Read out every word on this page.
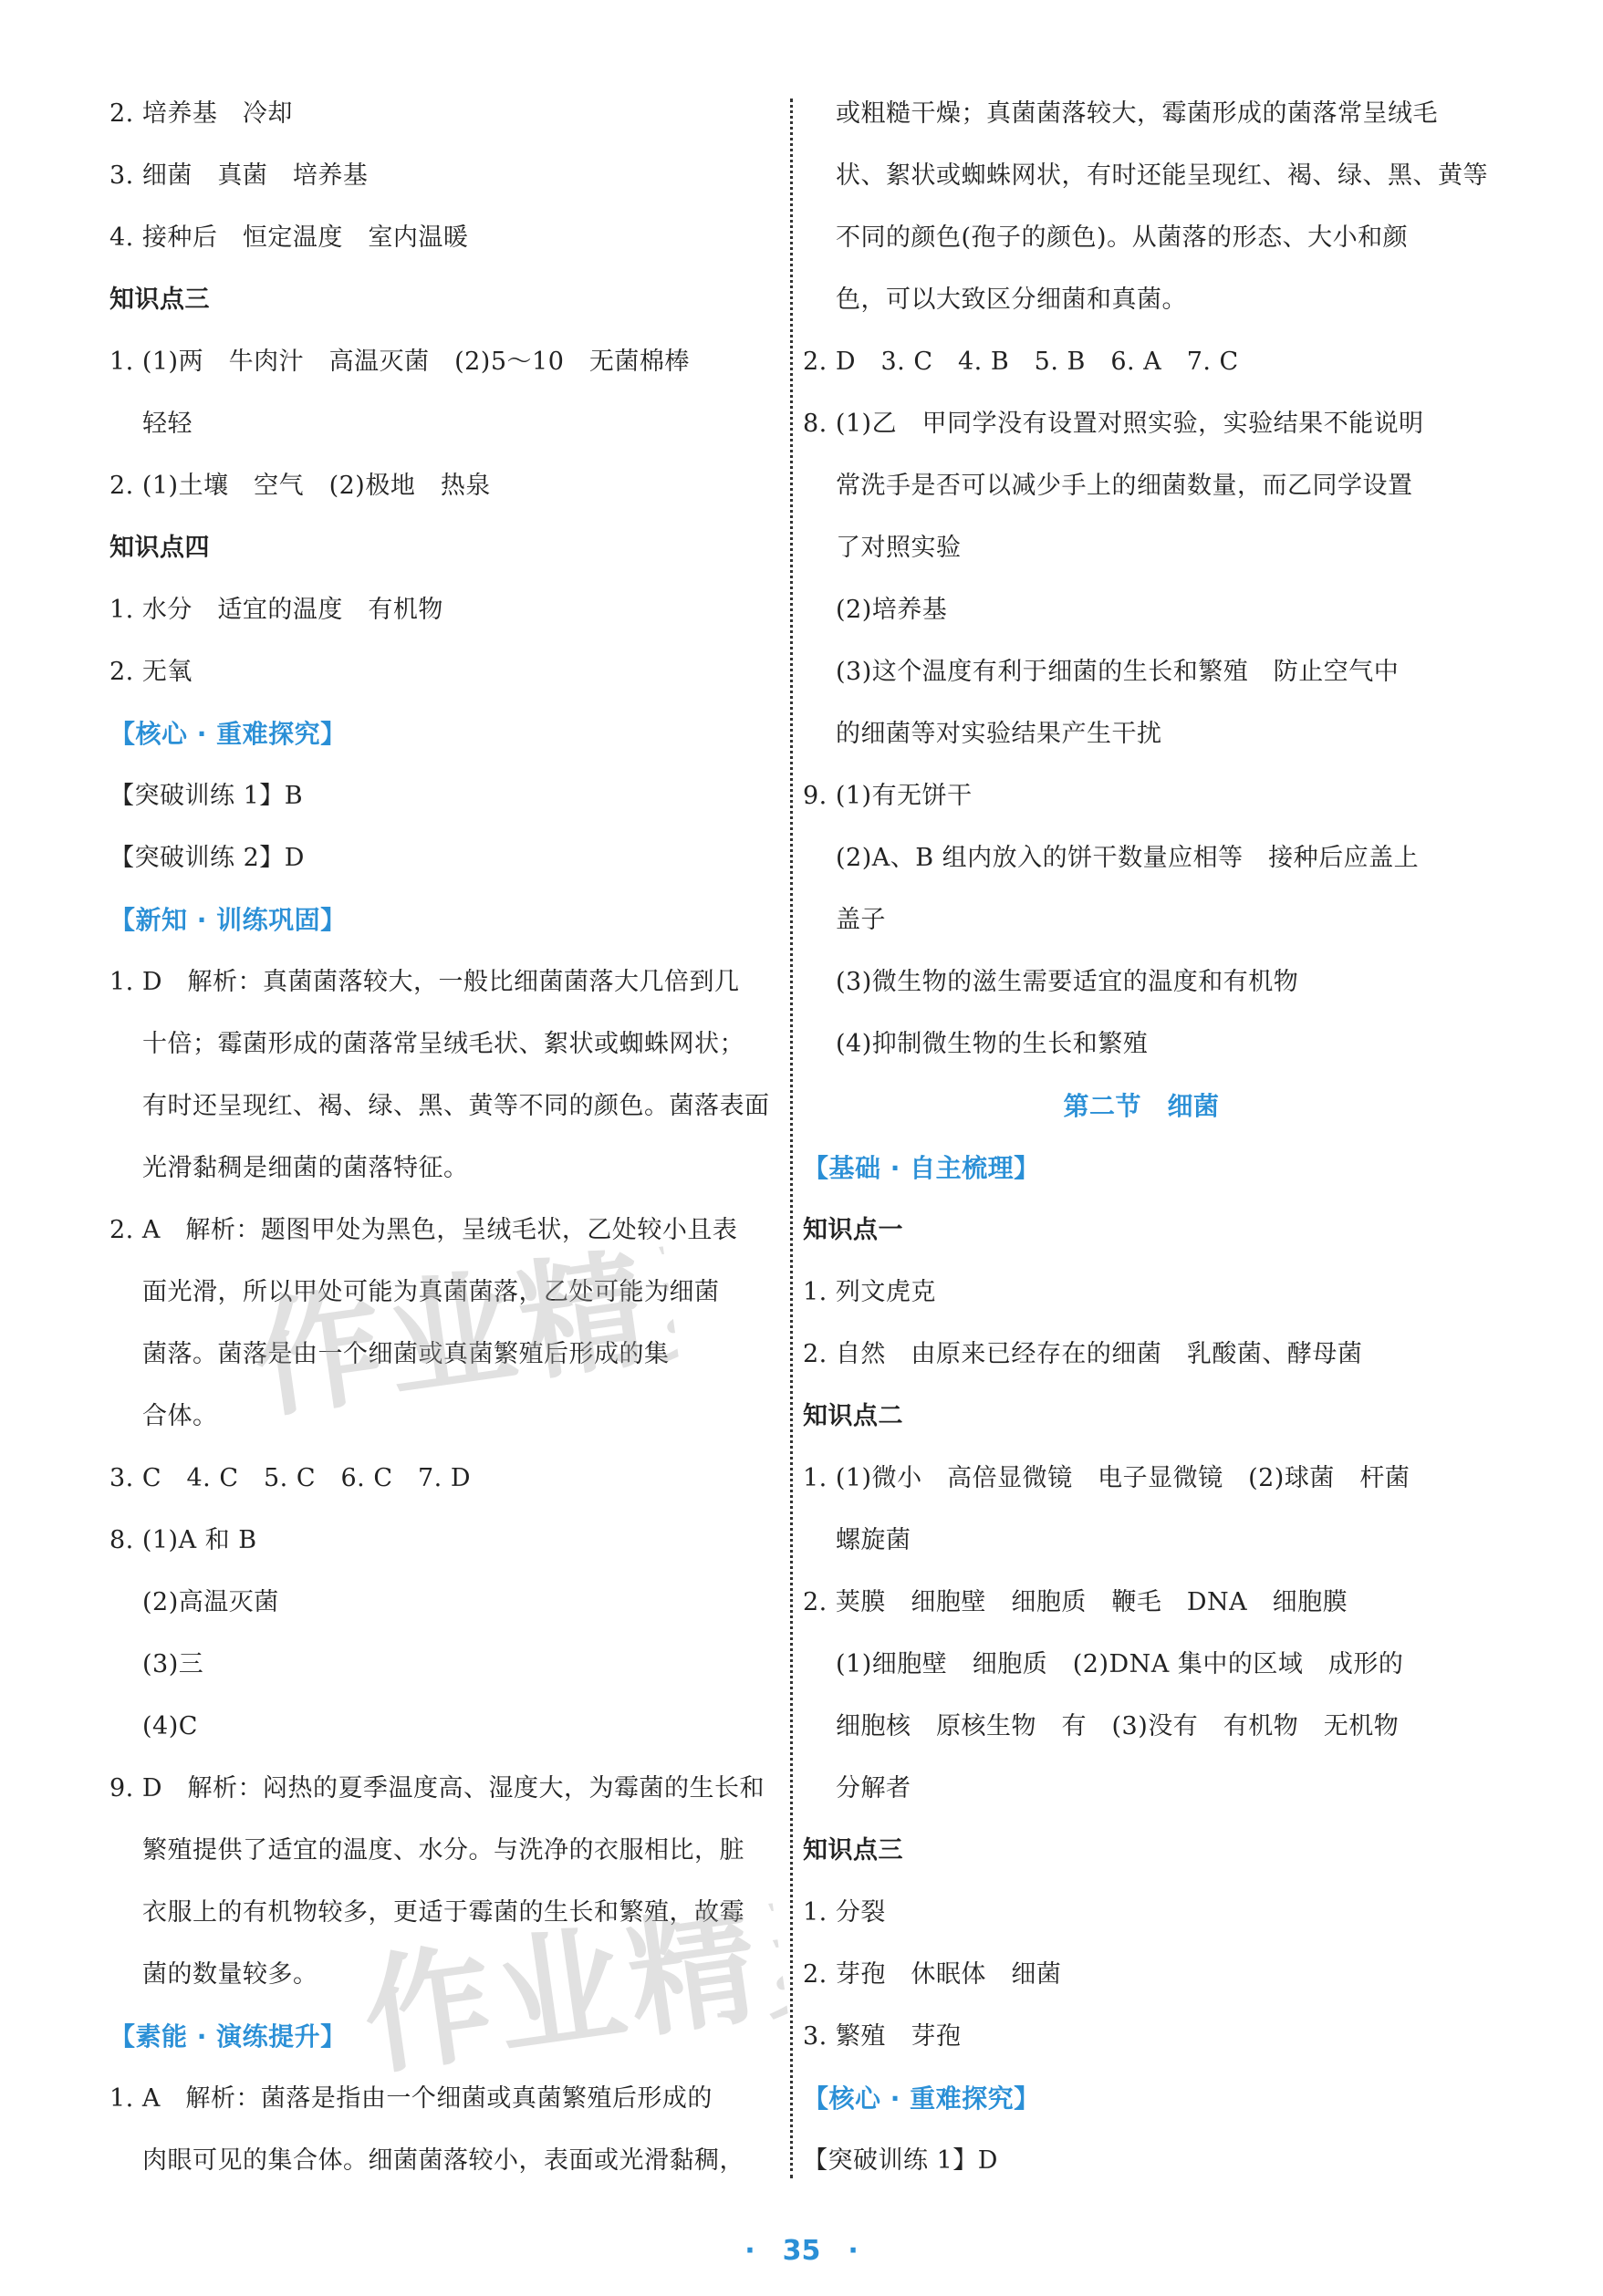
2. 培养基　冷却
3. 细菌　真菌　培养基
4. 接种后　恒定温度　室内温暖
知识点三
1. (1)两　牛肉汁　高温灭菌　(2)5～10　无菌棉棒
轻轻
2. (1)土壤　空气　(2)极地　热泉
知识点四
1. 水分　适宜的温度　有机物
2. 无氧
【核心 · 重难探究】
【突破训练 1】B
【突破训练 2】D
【新知 · 训练巩固】
1. D　解析：真菌菌落较大，一般比细菌菌落大几倍到几
十倍；霉菌形成的菌落常呈绒毛状、絮状或蜘蛛网状；
有时还呈现红、褐、绿、黑、黄等不同的颜色。菌落表面
光滑黏稠是细菌的菌落特征。
2. A　解析：题图甲处为黑色，呈绒毛状，乙处较小且表
面光滑，所以甲处可能为真菌菌落，乙处可能为细菌
菌落。菌落是由一个细菌或真菌繁殖后形成的集
合体。
3. C　4. C　5. C　6. C　7. D
8. (1)A 和 B
(2)高温灭菌
(3)三
(4)C
9. D　解析：闷热的夏季温度高、湿度大，为霉菌的生长和
繁殖提供了适宜的温度、水分。与洗净的衣服相比，脏
衣服上的有机物较多，更适于霉菌的生长和繁殖，故霉
菌的数量较多。
【素能 · 演练提升】
1. A　解析：菌落是指由一个细菌或真菌繁殖后形成的
肉眼可见的集合体。细菌菌落较小，表面或光滑黏稠，
或粗糙干燥；真菌菌落较大，霉菌形成的菌落常呈绒毛
状、絮状或蜘蛛网状，有时还能呈现红、褐、绿、黑、黄等
不同的颜色(孢子的颜色)。从菌落的形态、大小和颜
色，可以大致区分细菌和真菌。
2. D　3. C　4. B　5. B　6. A　7. C
8. (1)乙　甲同学没有设置对照实验，实验结果不能说明
常洗手是否可以减少手上的细菌数量，而乙同学设置
了对照实验
(2)培养基
(3)这个温度有利于细菌的生长和繁殖　防止空气中
的细菌等对实验结果产生干扰
9. (1)有无饼干
(2)A、B 组内放入的饼干数量应相等　接种后应盖上
盖子
(3)微生物的滋生需要适宜的温度和有机物
(4)抑制微生物的生长和繁殖
第二节　细菌
【基础 · 自主梳理】
知识点一
1. 列文虎克
2. 自然　由原来已经存在的细菌　乳酸菌、酵母菌
知识点二
1. (1)微小　高倍显微镜　电子显微镜　(2)球菌　杆菌
螺旋菌
2. 荚膜　细胞壁　细胞质　鞭毛　DNA　细胞膜
(1)细胞壁　细胞质　(2)DNA 集中的区域　成形的
细胞核　原核生物　有　(3)没有　有机物　无机物
分解者
知识点三
1. 分裂
2. 芽孢　休眠体　细菌
3. 繁殖　芽孢
【核心 · 重难探究】
【突破训练 1】D
作业精灵
作业精灵
·　35　·
